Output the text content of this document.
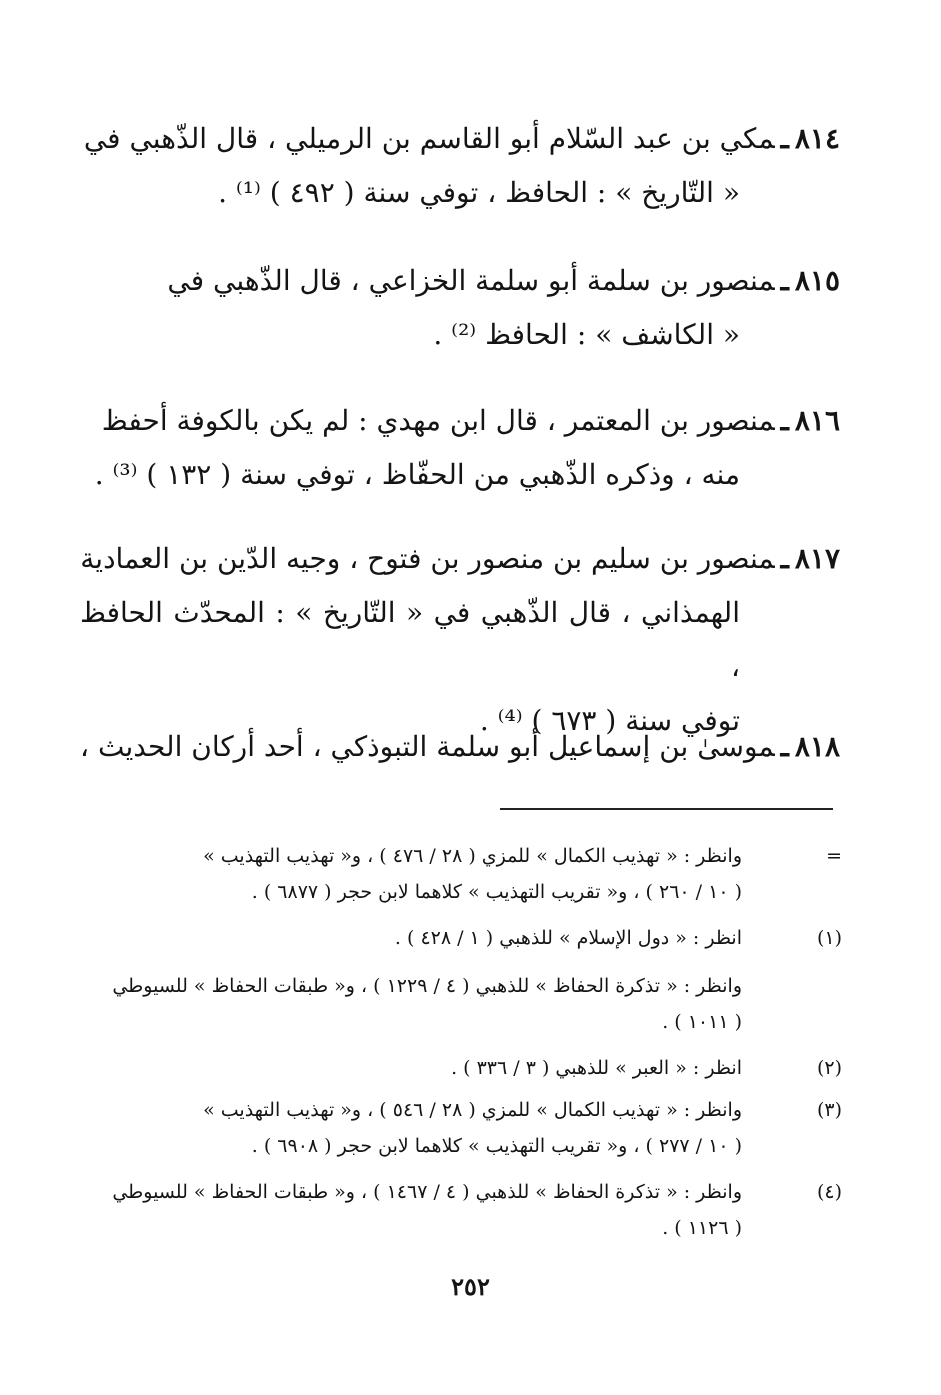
٨١٤ـمكي بن عبد السّلام أبو القاسم بن الرميلي ، قال الذّهبي في
« التّاريخ » : الحافظ ، توفي سنة ( ٤٩٢ ) ⁽¹⁾ .
٨١٥ـمنصور بن سلمة أبو سلمة الخزاعي ، قال الذّهبي في
« الكاشف » : الحافظ ⁽²⁾ .
٨١٦ـمنصور بن المعتمر ، قال ابن مهدي : لم يكن بالكوفة أحفظ
منه ، وذكره الذّهبي من الحفّاظ ، توفي سنة ( ١٣٢ ) ⁽³⁾ .
٨١٧ـمنصور بن سليم بن منصور بن فتوح ، وجيه الدّين بن العمادية
الهمذاني ، قال الذّهبي في « التّاريخ » : المحدّث الحافظ ،
توفي سنة ( ٦٧٣ ) ⁽⁴⁾ .
٨١٨ـموسىٰ بن إسماعيل أبو سلمة التبوذكي ، أحد أركان الحديث ،
=
وانظر : « تهذيب الكمال » للمزي ( ٢٨ / ٤٧٦ ) ، و« تهذيب التهذيب »
( ١٠ / ٢٦٠ ) ، و« تقريب التهذيب » كلاهما لابن حجر ( ٦٨٧٧ ) .
(١)
انظر : « دول الإسلام » للذهبي ( ١ / ٤٢٨ ) .
وانظر : « تذكرة الحفاظ » للذهبي ( ٤ / ١٢٢٩ ) ، و« طبقات الحفاظ » للسيوطي
( ١٠١١ ) .
(٢)
انظر : « العبر » للذهبي ( ٣ / ٣٣٦ ) .
(٣)
وانظر : « تهذيب الكمال » للمزي ( ٢٨ / ٥٤٦ ) ، و« تهذيب التهذيب »
( ١٠ / ٢٧٧ ) ، و« تقريب التهذيب » كلاهما لابن حجر ( ٦٩٠٨ ) .
(٤)
وانظر : « تذكرة الحفاظ » للذهبي ( ٤ / ١٤٦٧ ) ، و« طبقات الحفاظ » للسيوطي
( ١١٢٦ ) .
٢٥٢
